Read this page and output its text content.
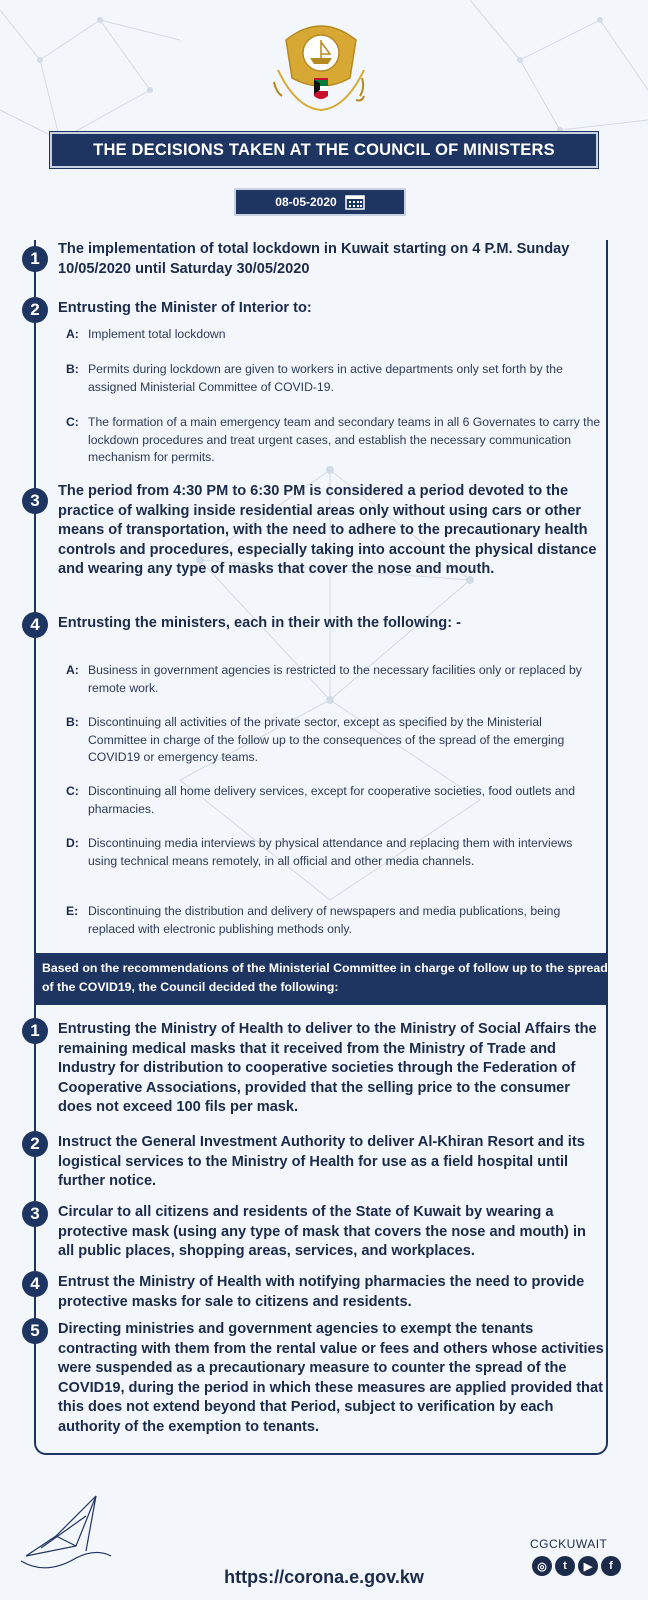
THE DECISIONS TAKEN AT THE COUNCIL OF MINISTERS
08-05-2020
1	The implementation of total lockdown in Kuwait starting on 4 P.M. Sunday 10/05/2020 until Saturday 30/05/2020
2	Entrusting the Minister of Interior to:
A: Implement total lockdown
B: Permits during lockdown are given to workers in active departments only set forth by the assigned Ministerial Committee of COVID-19.
C: The formation of a main emergency team and secondary teams in all 6 Governates to carry the lockdown procedures and treat urgent cases, and establish the necessary communication mechanism for permits.
3	The period from 4:30 PM to 6:30 PM is considered a period devoted to the practice of walking inside residential areas only without using cars or other means of transportation, with the need to adhere to the precautionary health controls and procedures, especially taking into account the physical distance and wearing any type of masks that cover the nose and mouth.
4	Entrusting the ministers, each in their with the following: -
A: Business in government agencies is restricted to the necessary facilities only or replaced by remote work.
B: Discontinuing all activities of the private sector, except as specified by the Ministerial Committee in charge of the follow up to the consequences of the spread of the emerging COVID19 or emergency teams.
C: Discontinuing all home delivery services, except for cooperative societies, food outlets and pharmacies.
D: Discontinuing media interviews by physical attendance and replacing them with interviews using technical means remotely, in all official and other media channels.
E: Discontinuing the distribution and delivery of newspapers and media publications, being replaced with electronic publishing methods only.
Based on the recommendations of the Ministerial Committee in charge of follow up to the spread of the COVID19, the Council decided the following:
1	Entrusting the Ministry of Health to deliver to the Ministry of Social Affairs the remaining medical masks that it received from the Ministry of Trade and Industry for distribution to cooperative societies through the Federation of Cooperative Associations, provided that the selling price to the consumer does not exceed 100 fils per mask.
2	Instruct the General Investment Authority to deliver Al-Khiran Resort and its logistical services to the Ministry of Health for use as a field hospital until further notice.
3	Circular to all citizens and residents of the State of Kuwait by wearing a protective mask (using any type of mask that covers the nose and mouth) in all public places, shopping areas, services, and workplaces.
4	Entrust the Ministry of Health with notifying pharmacies the need to provide protective masks for sale to citizens and residents.
5	Directing ministries and government agencies to exempt the tenants contracting with them from the rental value or fees and others whose activities were suspended as a precautionary measure to counter the spread of the COVID19, during the period in which these measures are applied provided that this does not extend beyond that Period, subject to verification by each authority of the exemption to tenants.
https://corona.e.gov.kw
CGCKUWAIT
◎	t	▶	f
